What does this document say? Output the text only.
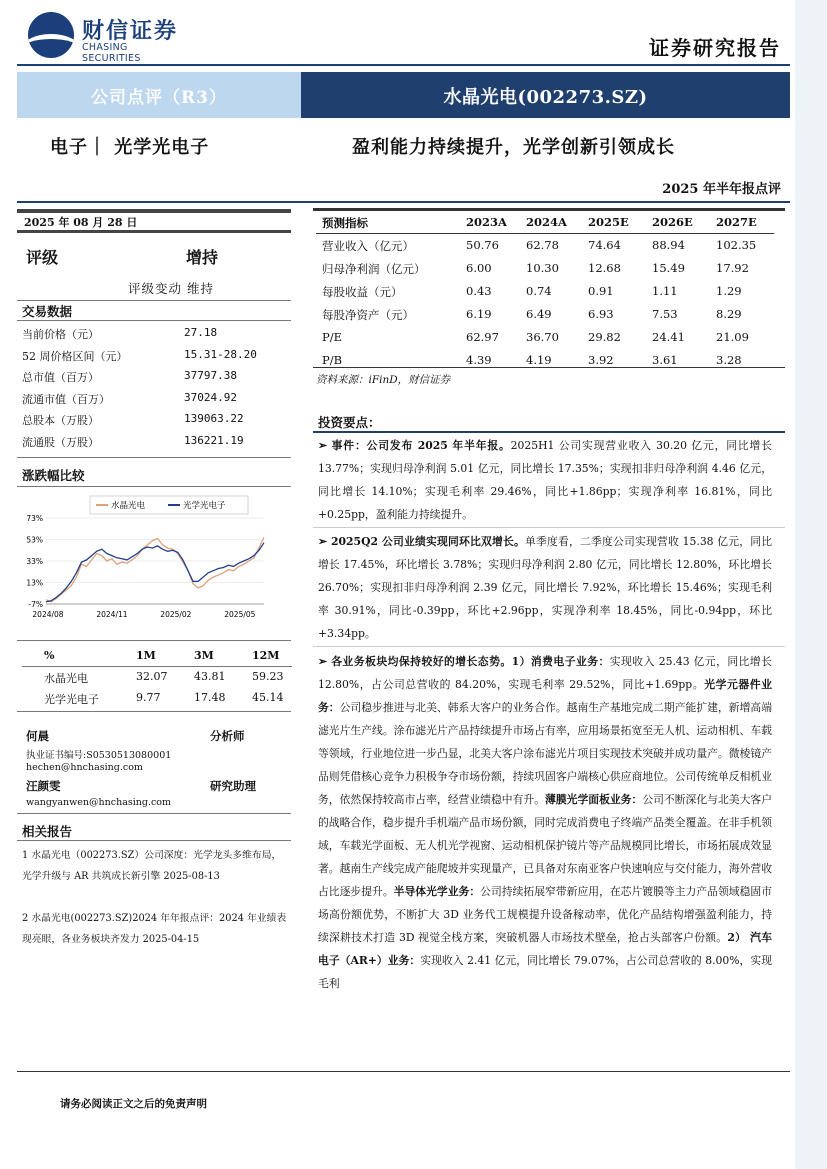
财信证券
CHASING SECURITIES	证券研究报告
公司点评（R3）	水晶光电(002273.SZ)
电子｜ 光学光电子	盈利能力持续提升，光学创新引领成长
2025 年半年报点评
2025 年 08 月 28 日
评级	增持
评级变动 维持
交易数据
当前价格（元）	27.18
52 周价格区间（元）	15.31-28.20
总市值（百万）	37797.38
流通市值（百万）	37024.92
总股本（万股）	139063.22
流通股（万股）	136221.19
涨跌幅比较
水晶光电	光学光电子
73%
53%
33%
13%
-7%
2024/08	2024/11	2025/02	2025/05
%	1M	3M	12M
水晶光电	32.07 43.81 59.23
光学光电子	9.77	17.48 45.14
何晨	分析师
执业证书编号:S0530513080001
hechen@hnchasing.com
汪颜雯	研究助理
wangyanwen@hnchasing.com
相关报告
1 水晶光电（002273.SZ）公司深度：光学龙头多维布局，光学升级与 AR 共筑成长新引擎 2025-08-13
2 水晶光电(002273.SZ)2024 年年报点评：2024 年业绩表现亮眼，各业务板块齐发力 2025-04-15
预测指标	2023A 2024A 2025E 2026E 2027E
营业收入（亿元）	50.76 62.78	74.64	88.94	102.35
归母净利润（亿元）	6.00	10.30	12.68	15.49	17.92
每股收益（元）	0.43	0.74	0.91	1.11	1.29
每股净资产（元）	6.19	6.49	6.93	7.53	8.29
P/E	62.97 36.70	29.82	24.41	21.09
P/B	4.39	4.19	3.92	3.61	3.28
资料来源：iFinD，财信证券
投资要点：
➢ 事件：公司发布 2025 年半年报。2025H1 公司实现营业收入 30.20 亿元，同比增长 13.77%；实现归母净利润 5.01 亿元，同比增长 17.35%；实现扣非归母净利润 4.46 亿元，同比增长 14.10%；实现毛利率 29.46%，同比+1.86pp；实现净利率 16.81%，同比+0.25pp，盈利能力持续提升。
➢ 2025Q2 公司业绩实现同环比双增长。单季度看，二季度公司实现营收 15.38 亿元，同比增长 17.45%，环比增长 3.78%；实现归母净利润 2.80 亿元，同比增长 12.80%，环比增长 26.70%；实现扣非归母净利润 2.39 亿元，同比增长 7.92%，环比增长 15.46%；实现毛利率 30.91%，同比-0.39pp，环比+2.96pp，实现净利率 18.45%，同比-0.94pp，环比+3.34pp。
➢ 各业务板块均保持较好的增长态势。1）消费电子业务：实现收入 25.43 亿元，同比增长 12.80%，占公司总营收的 84.20%，实现毛利率 29.52%，同比+1.69pp。光学元器件业务：公司稳步推进与北美、韩系大客户的业务合作。越南生产基地完成二期产能扩建，新增高端滤光片生产线。涂布滤光片产品持续提升市场占有率，应用场景拓宽至无人机、运动相机、车载等领域，行业地位进一步凸显，北美大客户涂布滤光片项目实现技术突破并成功量产。微棱镜产品则凭借核心竞争力积极争夺市场份额，持续巩固客户端核心供应商地位。公司传统单反相机业务，依然保持较高市占率，经营业绩稳中有升。薄膜光学面板业务：公司不断深化与北美大客户的战略合作，稳步提升手机端产品市场份额，同时完成消费电子终端产品类全覆盖。在非手机领域，车载光学面板、无人机光学视窗、运动相机保护镜片等产品规模同比增长，市场拓展成效显著。越南生产线完成产能爬坡并实现量产，已具备对东南亚客户快速响应与交付能力，海外营收占比逐步提升。半导体光学业务：公司持续拓展窄带新应用，在芯片镀膜等主力产品领域稳固市场高份额优势，不断扩大 3D 业务代工规模提升设备稼动率，优化产品结构增强盈利能力，持续深耕技术打造 3D 视觉全栈方案，突破机器人市场技术壁垒，抢占头部客户份额。2） 汽车电子（AR+）业务：实现收入 2.41 亿元，同比增长 79.07%，占公司总营收的 8.00%，实现毛利
请务必阅读正文之后的免责声明
